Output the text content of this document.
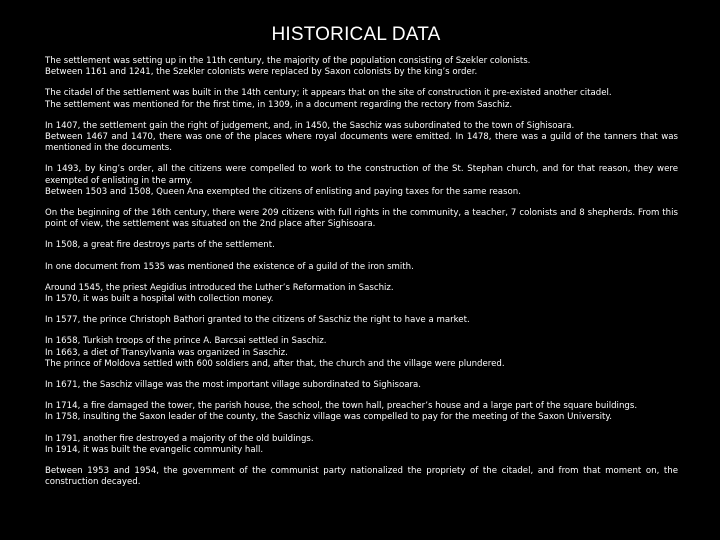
HISTORICAL DATA
The settlement was setting up in the 11th century, the majority of the population consisting of Szekler colonists.
Between 1161 and 1241, the Szekler colonists were replaced by Saxon colonists by the king’s order.
The citadel of the settlement was built in the 14th century; it appears that on the site of construction it pre-existed another citadel.
The settlement was mentioned for the first time, in 1309, in a document regarding the rectory from Saschiz.
In 1407, the settlement gain the right of judgement, and, in 1450, the Saschiz was subordinated to the town of Sighisoara.
Between 1467 and 1470, there was one of the places where royal documents were emitted. In 1478, there was a guild of the tanners that was mentioned in the documents.
In 1493, by king’s order, all the citizens were compelled to work to the construction of the St. Stephan church, and for that reason, they were exempted of enlisting in the army.
Between 1503 and 1508, Queen Ana exempted the citizens of enlisting and paying taxes for the same reason.
On the beginning of the 16th century, there were 209 citizens with full rights in the community, a teacher, 7 colonists and 8 shepherds. From this point of view, the settlement was situated on the 2nd place after Sighisoara.
In 1508, a great fire destroys parts of the settlement.
In one document from 1535 was mentioned the existence of a guild of the iron smith.
Around 1545, the priest Aegidius introduced the Luther’s Reformation in Saschiz.
In 1570, it was built a hospital with collection money.
In 1577, the prince Christoph Bathori granted to the citizens of Saschiz the right to have a market.
In 1658, Turkish troops of the prince A. Barcsai settled in Saschiz.
In 1663, a diet of Transylvania was organized in Saschiz.
The prince of Moldova settled with 600 soldiers and, after that, the church and the village were plundered.
In 1671, the Saschiz village was the most important village subordinated to Sighisoara.
In 1714, a fire damaged the tower, the parish house, the school, the town hall, preacher’s house and a large part of the square buildings.
In 1758, insulting the Saxon leader of the county, the Saschiz village was compelled to pay for the meeting of the Saxon University.
In 1791, another fire destroyed a majority of the old buildings.
In 1914, it was built the evangelic community hall.
Between 1953 and 1954, the government of the communist party nationalized the propriety of the citadel, and from that moment on, the construction decayed.
